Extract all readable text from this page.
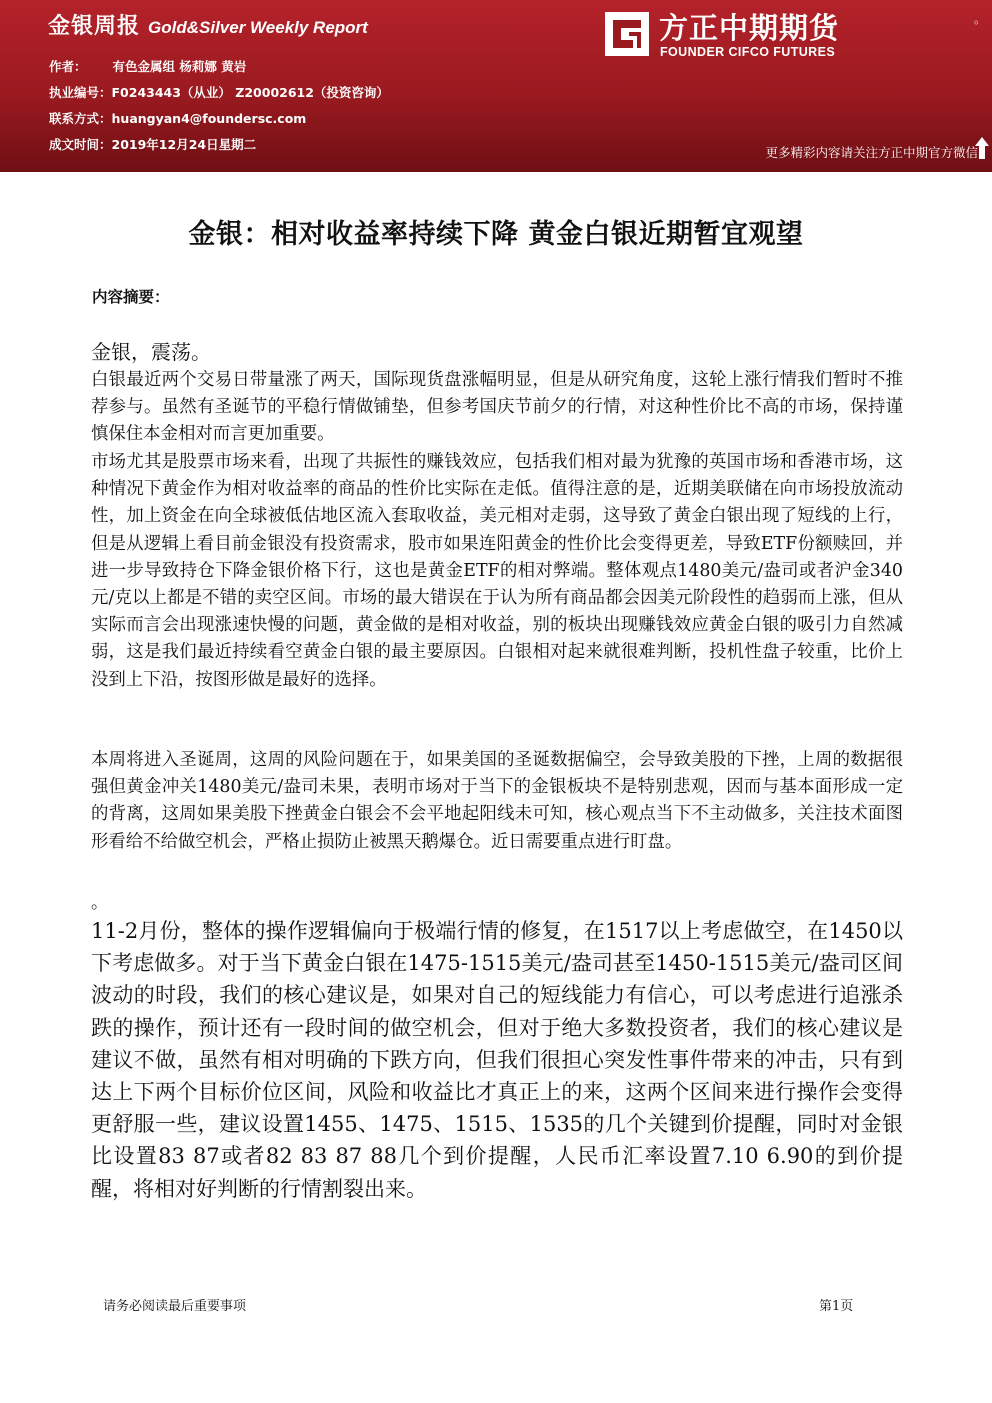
金银周报 Gold&Silver Weekly Report
作者： 有色金属组 杨莉娜 黄岩
执业编号：F0243443（从业） Z20002612（投资咨询）
联系方式：huangyan4@foundersc.com
成文时间：2019年12月24日星期二
方正中期期货
FOUNDER CIFCO FUTURES
。
更多精彩内容请关注方正中期官方微信
金银：相对收益率持续下降 黄金白银近期暂宜观望
内容摘要：
金银，震荡。
白银最近两个交易日带量涨了两天，国际现货盘涨幅明显，但是从研究角度，这轮上涨行情我们暂时不推荐参与。虽然有圣诞节的平稳行情做铺垫，但参考国庆节前夕的行情，对这种性价比不高的市场，保持谨慎保住本金相对而言更加重要。
市场尤其是股票市场来看，出现了共振性的赚钱效应，包括我们相对最为犹豫的英国市场和香港市场，这种情况下黄金作为相对收益率的商品的性价比实际在走低。值得注意的是，近期美联储在向市场投放流动性，加上资金在向全球被低估地区流入套取收益，美元相对走弱，这导致了黄金白银出现了短线的上行，但是从逻辑上看目前金银没有投资需求，股市如果连阳黄金的性价比会变得更差，导致ETF份额赎回，并进一步导致持仓下降金银价格下行，这也是黄金ETF的相对弊端。整体观点1480美元/盎司或者沪金340元/克以上都是不错的卖空区间。市场的最大错误在于认为所有商品都会因美元阶段性的趋弱而上涨，但从实际而言会出现涨速快慢的问题，黄金做的是相对收益，别的板块出现赚钱效应黄金白银的吸引力自然减弱，这是我们最近持续看空黄金白银的最主要原因。白银相对起来就很难判断，投机性盘子较重，比价上没到上下沿，按图形做是最好的选择。
本周将进入圣诞周，这周的风险问题在于，如果美国的圣诞数据偏空，会导致美股的下挫，上周的数据很强但黄金冲关1480美元/盎司未果，表明市场对于当下的金银板块不是特别悲观，因而与基本面形成一定的背离，这周如果美股下挫黄金白银会不会平地起阳线未可知，核心观点当下不主动做多，关注技术面图形看给不给做空机会，严格止损防止被黑天鹅爆仓。近日需要重点进行盯盘。
。
11-2月份，整体的操作逻辑偏向于极端行情的修复，在1517以上考虑做空，在1450以下考虑做多。对于当下黄金白银在1475-1515美元/盎司甚至1450-1515美元/盎司区间波动的时段，我们的核心建议是，如果对自己的短线能力有信心，可以考虑进行追涨杀跌的操作，预计还有一段时间的做空机会，但对于绝大多数投资者，我们的核心建议是建议不做，虽然有相对明确的下跌方向，但我们很担心突发性事件带来的冲击，只有到达上下两个目标价位区间，风险和收益比才真正上的来，这两个区间来进行操作会变得更舒服一些，建议设置1455、1475、1515、1535的几个关键到价提醒，同时对金银比设置83 87或者82 83 87 88几个到价提醒，人民币汇率设置7.10 6.90的到价提醒，将相对好判断的行情割裂出来。
请务必阅读最后重要事项	第1页
